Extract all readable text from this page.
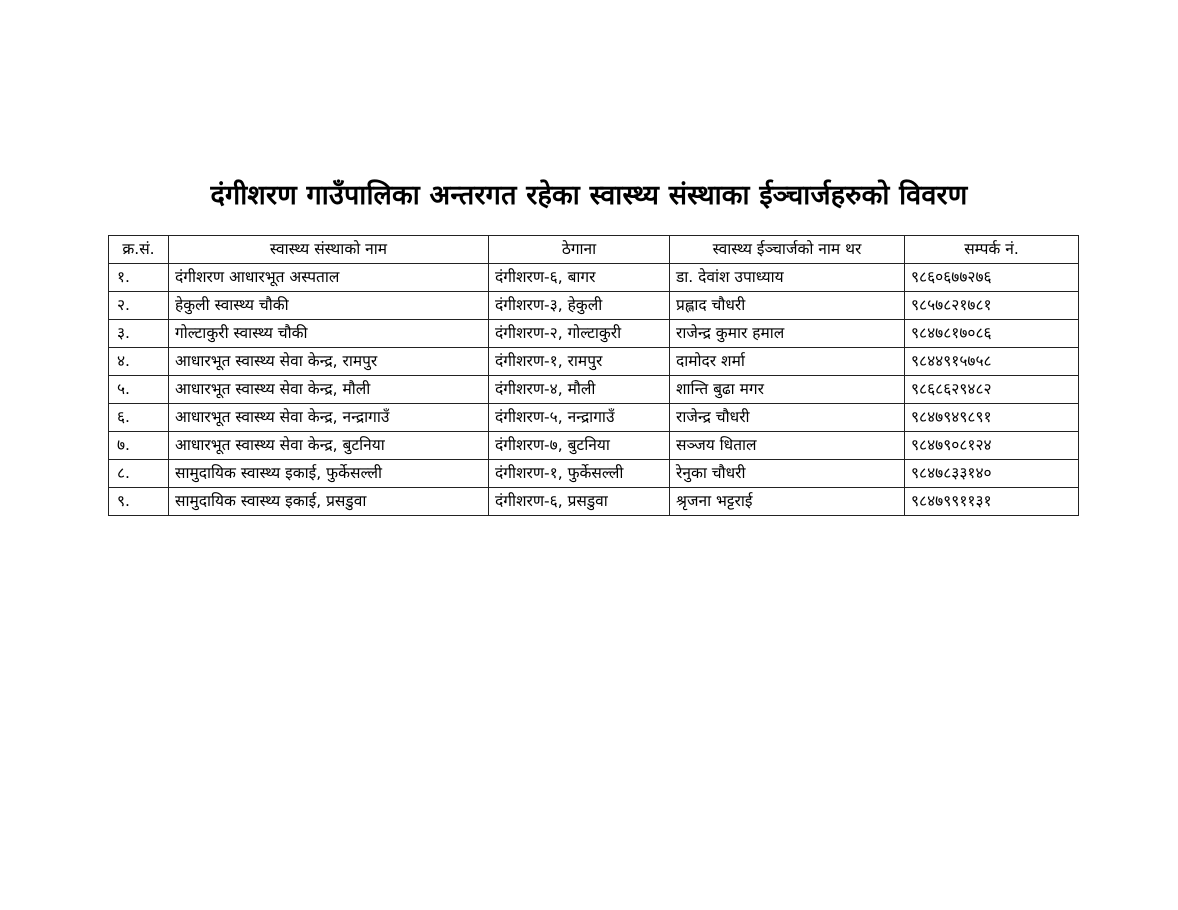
दंगीशरण गाउँपालिका अन्तरगत रहेका स्वास्थ्य संस्थाका ईञ्चार्जहरुको विवरण
क्र.सं.	स्वास्थ्य संस्थाको नाम	ठेगाना	स्वास्थ्य ईञ्चार्जको नाम थर	सम्पर्क नं.
१.	दंगीशरण आधारभूत अस्पताल	दंगीशरण-६, बागर	डा. देवांश उपाध्याय	९८६०६७७२७६
२.	हेकुली स्वास्थ्य चौकी	दंगीशरण-३, हेकुली	प्रह्लाद चौधरी	९८५७८२१७८१
३.	गोल्टाकुरी स्वास्थ्य चौकी	दंगीशरण-२, गोल्टाकुरी	राजेन्द्र कुमार हमाल	९८४७८१७०८६
४.	आधारभूत स्वास्थ्य सेवा केन्द्र, रामपुर	दंगीशरण-१, रामपुर	दामोदर शर्मा	९८४४९१५७५८
५.	आधारभूत स्वास्थ्य सेवा केन्द्र, मौली	दंगीशरण-४, मौली	शान्ति बुढा मगर	९८६८६२९४८२
६.	आधारभूत स्वास्थ्य सेवा केन्द्र, नन्द्रागाउँ	दंगीशरण-५, नन्द्रागाउँ	राजेन्द्र चौधरी	९८४७९४९८९१
७.	आधारभूत स्वास्थ्य सेवा केन्द्र, बुटनिया	दंगीशरण-७, बुटनिया	सञ्जय धिताल	९८४७९०८१२४
८.	सामुदायिक स्वास्थ्य इकाई, फुर्केसल्ली	दंगीशरण-१, फुर्केसल्ली	रेनुका चौधरी	९८४७८३३१४०
९.	सामुदायिक स्वास्थ्य इकाई, प्रसडुवा	दंगीशरण-६, प्रसडुवा	श्रृजना भट्टराई	९८४७९९११३१
